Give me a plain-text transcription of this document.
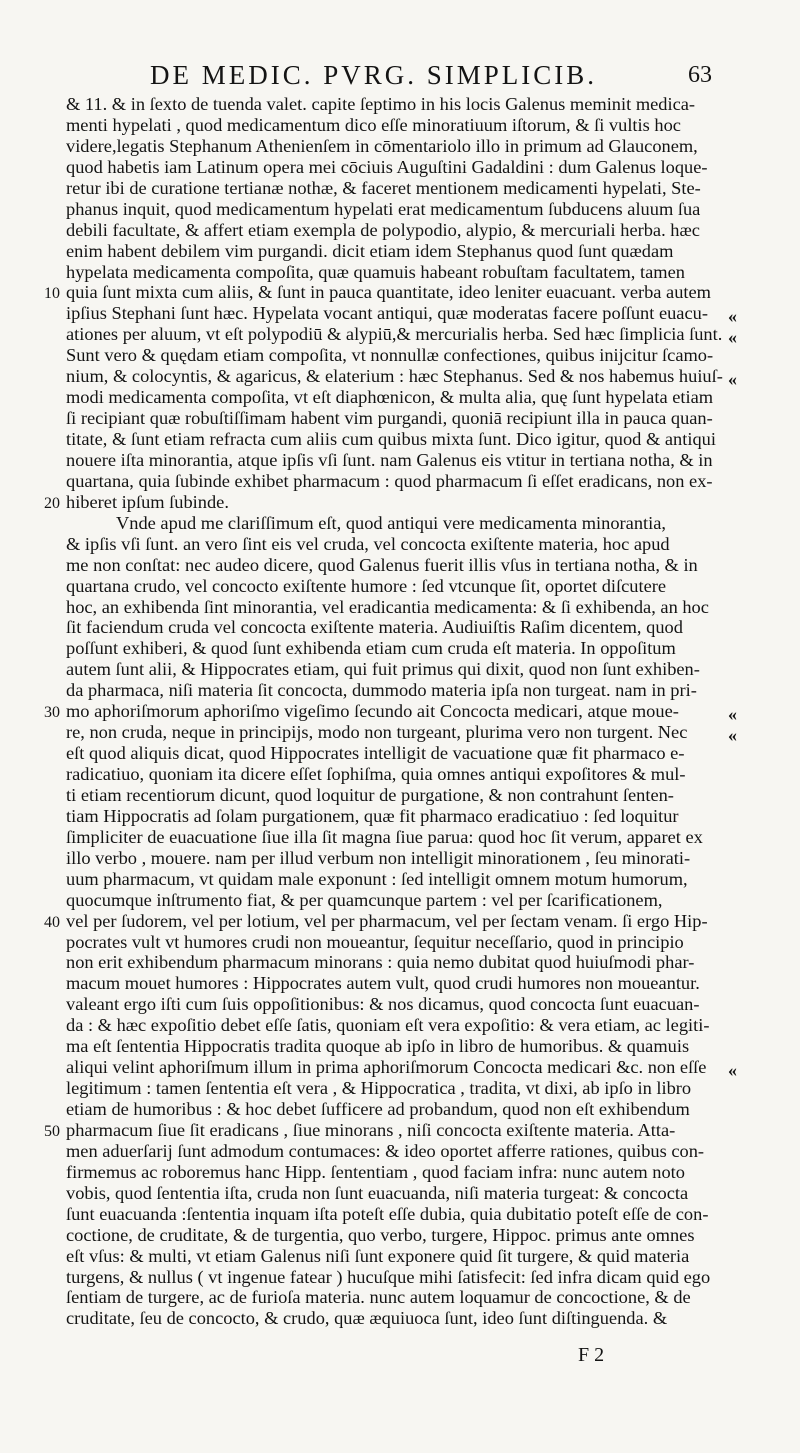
DE MEDIC. PVRG. SIMPLICIB.	63
& 11. & in ſexto de tuenda valet. capite ſeptimo in his locis Galenus meminit medica-
menti hypelati , quod medicamentum dico eſſe minoratiuum iſtorum, & ſi vultis hoc
videre,legatis Stephanum Athenienſem in cōmentariolo illo in primum ad Glauconem,
quod habetis iam Latinum opera mei cōciuis Auguſtini Gadaldini : dum Galenus loque-
retur ibi de curatione tertianæ nothæ, & faceret mentionem medicamenti hypelati, Ste-
phanus inquit, quod medicamentum hypelati erat medicamentum ſubducens aluum ſua
debili facultate, & affert etiam exempla de polypodio, alypio, & mercuriali herba. hæc
enim habent debilem vim purgandi. dicit etiam idem Stephanus quod ſunt quædam
hypelata medicamenta compoſita, quæ quamuis habeant robuſtam facultatem, tamen
quia ſunt mixta cum aliis, & ſunt in pauca quantitate, ideo leniter euacuant. verba autem
10
ipſius Stephani ſunt hæc. Hypelata vocant antiqui, quæ moderatas facere poſſunt euacu- «
ationes per aluum, vt eſt polypodiū & alypiū,& mercurialis herba. Sed hæc ſimplicia ſunt. «
Sunt vero & quędam etiam compoſita, vt nonnullæ confectiones, quibus inijcitur ſcamo-
nium, & colocyntis, & agaricus, & elaterium : hæc Stephanus. Sed & nos habemus huiuſ- «
modi medicamenta compoſita, vt eſt diaphœnicon, & multa alia, quę ſunt hypelata etiam
ſi recipiant quæ robuſtiſſimam habent vim purgandi, quoniā recipiunt illa in pauca quan-
titate, & ſunt etiam refracta cum aliis cum quibus mixta ſunt. Dico igitur, quod & antiqui
nouere iſta minorantia, atque ipſis vſi ſunt. nam Galenus eis vtitur in tertiana notha, & in
quartana, quia ſubinde exhibet pharmacum : quod pharmacum ſi eſſet eradicans, non ex-
hiberet ipſum ſubinde.
20
Vnde apud me clariſſimum eſt, quod antiqui vere medicamenta minorantia,
& ipſis vſi ſunt. an vero ſint eis vel cruda, vel concocta exiſtente materia, hoc apud
me non conſtat: nec audeo dicere, quod Galenus fuerit illis vſus in tertiana notha, & in
quartana crudo, vel concocto exiſtente humore : ſed vtcunque ſit, oportet diſcutere
hoc, an exhibenda ſint minorantia, vel eradicantia medicamenta: & ſi exhibenda, an hoc
ſit faciendum cruda vel concocta exiſtente materia. Audiuiſtis Raſim dicentem, quod
poſſunt exhiberi, & quod ſunt exhibenda etiam cum cruda eſt materia. In oppoſitum
autem ſunt alii, & Hippocrates etiam, qui fuit primus qui dixit, quod non ſunt exhiben-
da pharmaca, niſi materia ſit concocta, dummodo materia ipſa non turgeat. nam in pri-
mo aphoriſmorum aphoriſmo vigeſimo ſecundo ait Concocta medicari, atque moue-
30	«
re, non cruda, neque in principijs, modo non turgeant, plurima vero non turgent. Nec «
eſt quod aliquis dicat, quod Hippocrates intelligit de vacuatione quæ fit pharmaco e-
radicatiuo, quoniam ita dicere eſſet ſophiſma, quia omnes antiqui expoſitores & mul-
ti etiam recentiorum dicunt, quod loquitur de purgatione, & non contrahunt ſenten-
tiam Hippocratis ad ſolam purgationem, quæ fit pharmaco eradicatiuo : ſed loquitur
ſimpliciter de euacuatione ſiue illa ſit magna ſiue parua: quod hoc ſit verum, apparet ex
illo verbo , mouere. nam per illud verbum non intelligit minorationem , ſeu minorati-
uum pharmacum, vt quidam male exponunt : ſed intelligit omnem motum humorum,
quocumque inſtrumento fiat, & per quamcunque partem : vel per ſcarificationem,
vel per ſudorem, vel per lotium, vel per pharmacum, vel per ſectam venam. ſi ergo Hip-
40
pocrates vult vt humores crudi non moueantur, ſequitur neceſſario, quod in principio
non erit exhibendum pharmacum minorans : quia nemo dubitat quod huiuſmodi phar-
macum mouet humores : Hippocrates autem vult, quod crudi humores non moueantur.
valeant ergo iſti cum ſuis oppoſitionibus: & nos dicamus, quod concocta ſunt euacuan-
da : & hæc expoſitio debet eſſe ſatis, quoniam eſt vera expoſitio: & vera etiam, ac legiti-
ma eſt ſententia Hippocratis tradita quoque ab ipſo in libro de humoribus. & quamuis
aliqui velint aphoriſmum illum in prima aphoriſmorum Concocta medicari &c. non eſſe «
legitimum : tamen ſententia eſt vera , & Hippocratica , tradita, vt dixi, ab ipſo in libro
etiam de humoribus : & hoc debet ſufficere ad probandum, quod non eſt exhibendum
pharmacum ſiue ſit eradicans , ſiue minorans , niſi concocta exiſtente materia. Atta-
50
men aduerſarij ſunt admodum contumaces: & ideo oportet afferre rationes, quibus con-
firmemus ac roboremus hanc Hipp. ſententiam , quod faciam infra: nunc autem noto
vobis, quod ſententia iſta, cruda non ſunt euacuanda, niſi materia turgeat: & concocta
ſunt euacuanda :ſententia inquam iſta poteſt eſſe dubia, quia dubitatio poteſt eſſe de con-
coctione, de cruditate, & de turgentia, quo verbo, turgere, Hippoc. primus ante omnes
eſt vſus: & multi, vt etiam Galenus niſi ſunt exponere quid ſit turgere, & quid materia
turgens, & nullus ( vt ingenue fatear ) hucuſque mihi ſatisfecit: ſed infra dicam quid ego
ſentiam de turgere, ac de furioſa materia. nunc autem loquamur de concoctione, & de
cruditate, ſeu de concocto, & crudo, quæ æquiuoca ſunt, ideo ſunt diſtinguenda. &
F 2
